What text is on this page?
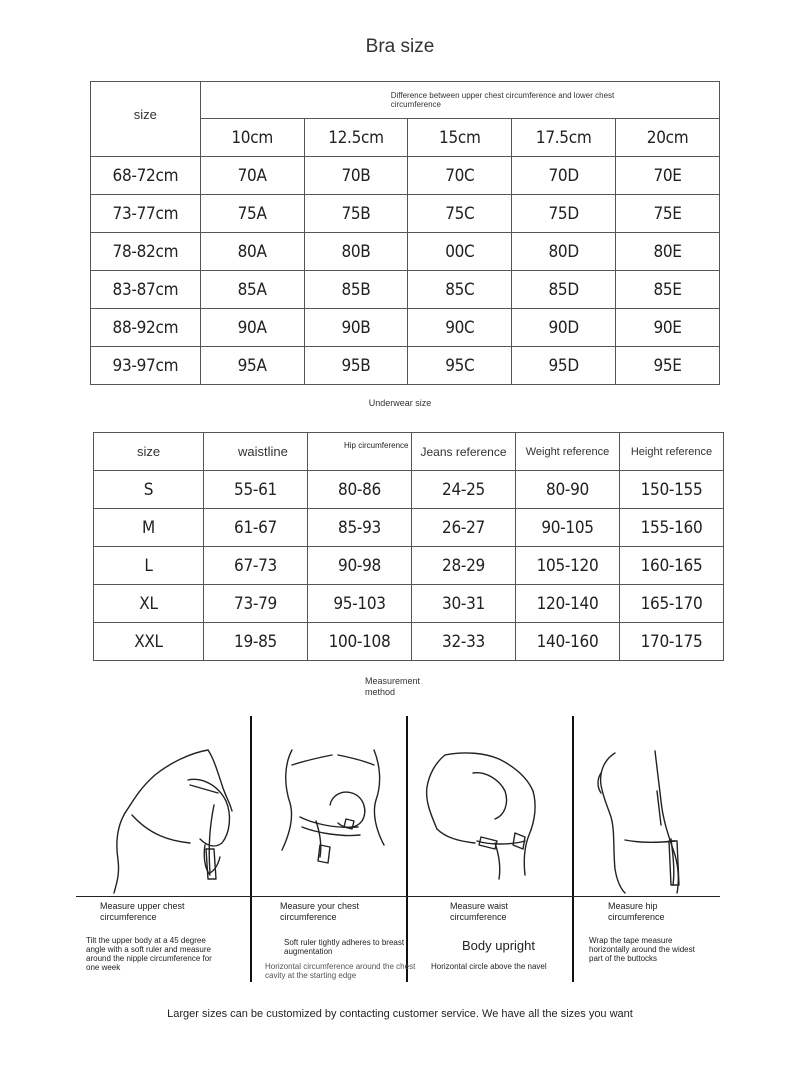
Bra size
$^{size}$	Difference between upper chest circumference and lower chest circumference				

	10cm	12.5cm	15cm	17.5cm	20cm
68-72cm	70A	70B	70C	70D	70E
73-77cm	75A	75B	75C	75D	75E
78-82cm	80A	80B	00C	80D	80E
83-87cm	85A	85B	85C	85D	85E
88-92cm	90A	90B	90C	90D	90E
93-97cm	95A	95B	95C	95D	95E
Underwear size
size	waistline	Hip circumference	Jeans reference	Weight reference	Height reference
S	55-61	80-86	24-25	80-90	150-155
M	61-67	85-93	26-27	90-105	155-160
L	67-73	90-98	28-29	105-120	160-165
XL	73-79	95-103	30-31	120-140	165-170
XXL	19-85	100-108	32-33	140-160	170-175
Measurement method
Measure upper chest circumference
Tilt the upper body at a 45 degree angle with a soft ruler and measure around the nipple circumference for one week
Measure your chest circumference
Soft ruler tightly adheres to breast augmentation
Horizontal circumference around the chest cavity at the starting edge
Measure waist circumference
Body upright
Horizontal circle above the navel
Measure hip circumference
Wrap the tape measure horizontally around the widest part of the buttocks
Larger sizes can be customized by contacting customer service. We have all the sizes you want
